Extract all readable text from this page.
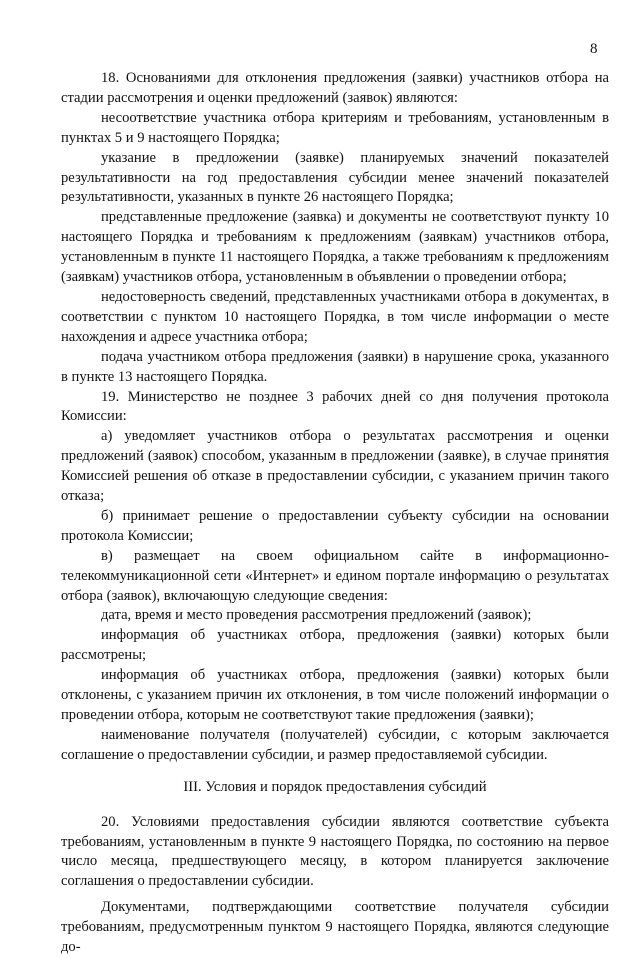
8

18. Основаниями для отклонения предложения (заявки) участников отбора на стадии рассмотрения и оценки предложений (заявок) являются:

несоответствие участника отбора критериям и требованиям, установленным в пунктах 5 и 9 настоящего Порядка;

указание в предложении (заявке) планируемых значений показателей результативности на год предоставления субсидии менее значений показателей результативности, указанных в пункте 26 настоящего Порядка;

представленные предложение (заявка) и документы не соответствуют пункту 10 настоящего Порядка и требованиям к предложениям (заявкам) участников отбора, установленным в пункте 11 настоящего Порядка, а также требованиям к предложениям (заявкам) участников отбора, установленным в объявлении о проведении отбора;

недостоверность сведений, представленных участниками отбора в документах, в соответствии с пунктом 10 настоящего Порядка, в том числе информации о месте нахождения и адресе участника отбора;

подача участником отбора предложения (заявки) в нарушение срока, указанного в пункте 13 настоящего Порядка.

19. Министерство не позднее 3 рабочих дней со дня получения протокола Комиссии:

а) уведомляет участников отбора о результатах рассмотрения и оценки предложений (заявок) способом, указанным в предложении (заявке), в случае принятия Комиссией решения об отказе в предоставлении субсидии, с указанием причин такого отказа;

б) принимает решение о предоставлении субъекту субсидии на основании протокола Комиссии;

в) размещает на своем официальном сайте в информационно-телекоммуникационной сети «Интернет» и едином портале информацию о результатах отбора (заявок), включающую следующие сведения:

дата, время и место проведения рассмотрения предложений (заявок);

информация об участниках отбора, предложения (заявки) которых были рассмотрены;

информация об участниках отбора, предложения (заявки) которых были отклонены, с указанием причин их отклонения, в том числе положений информации о проведении отбора, которым не соответствуют такие предложения (заявки);

наименование получателя (получателей) субсидии, с которым заключается соглашение о предоставлении субсидии, и размер предоставляемой субсидии.

III. Условия и порядок предоставления субсидий

20. Условиями предоставления субсидии являются соответствие субъекта требованиям, установленным в пункте 9 настоящего Порядка, по состоянию на первое число месяца, предшествующего месяцу, в котором планируется заключение соглашения о предоставлении субсидии.

Документами, подтверждающими соответствие получателя субсидии требованиям, предусмотренным пунктом 9 настоящего Порядка, являются следующие до-
